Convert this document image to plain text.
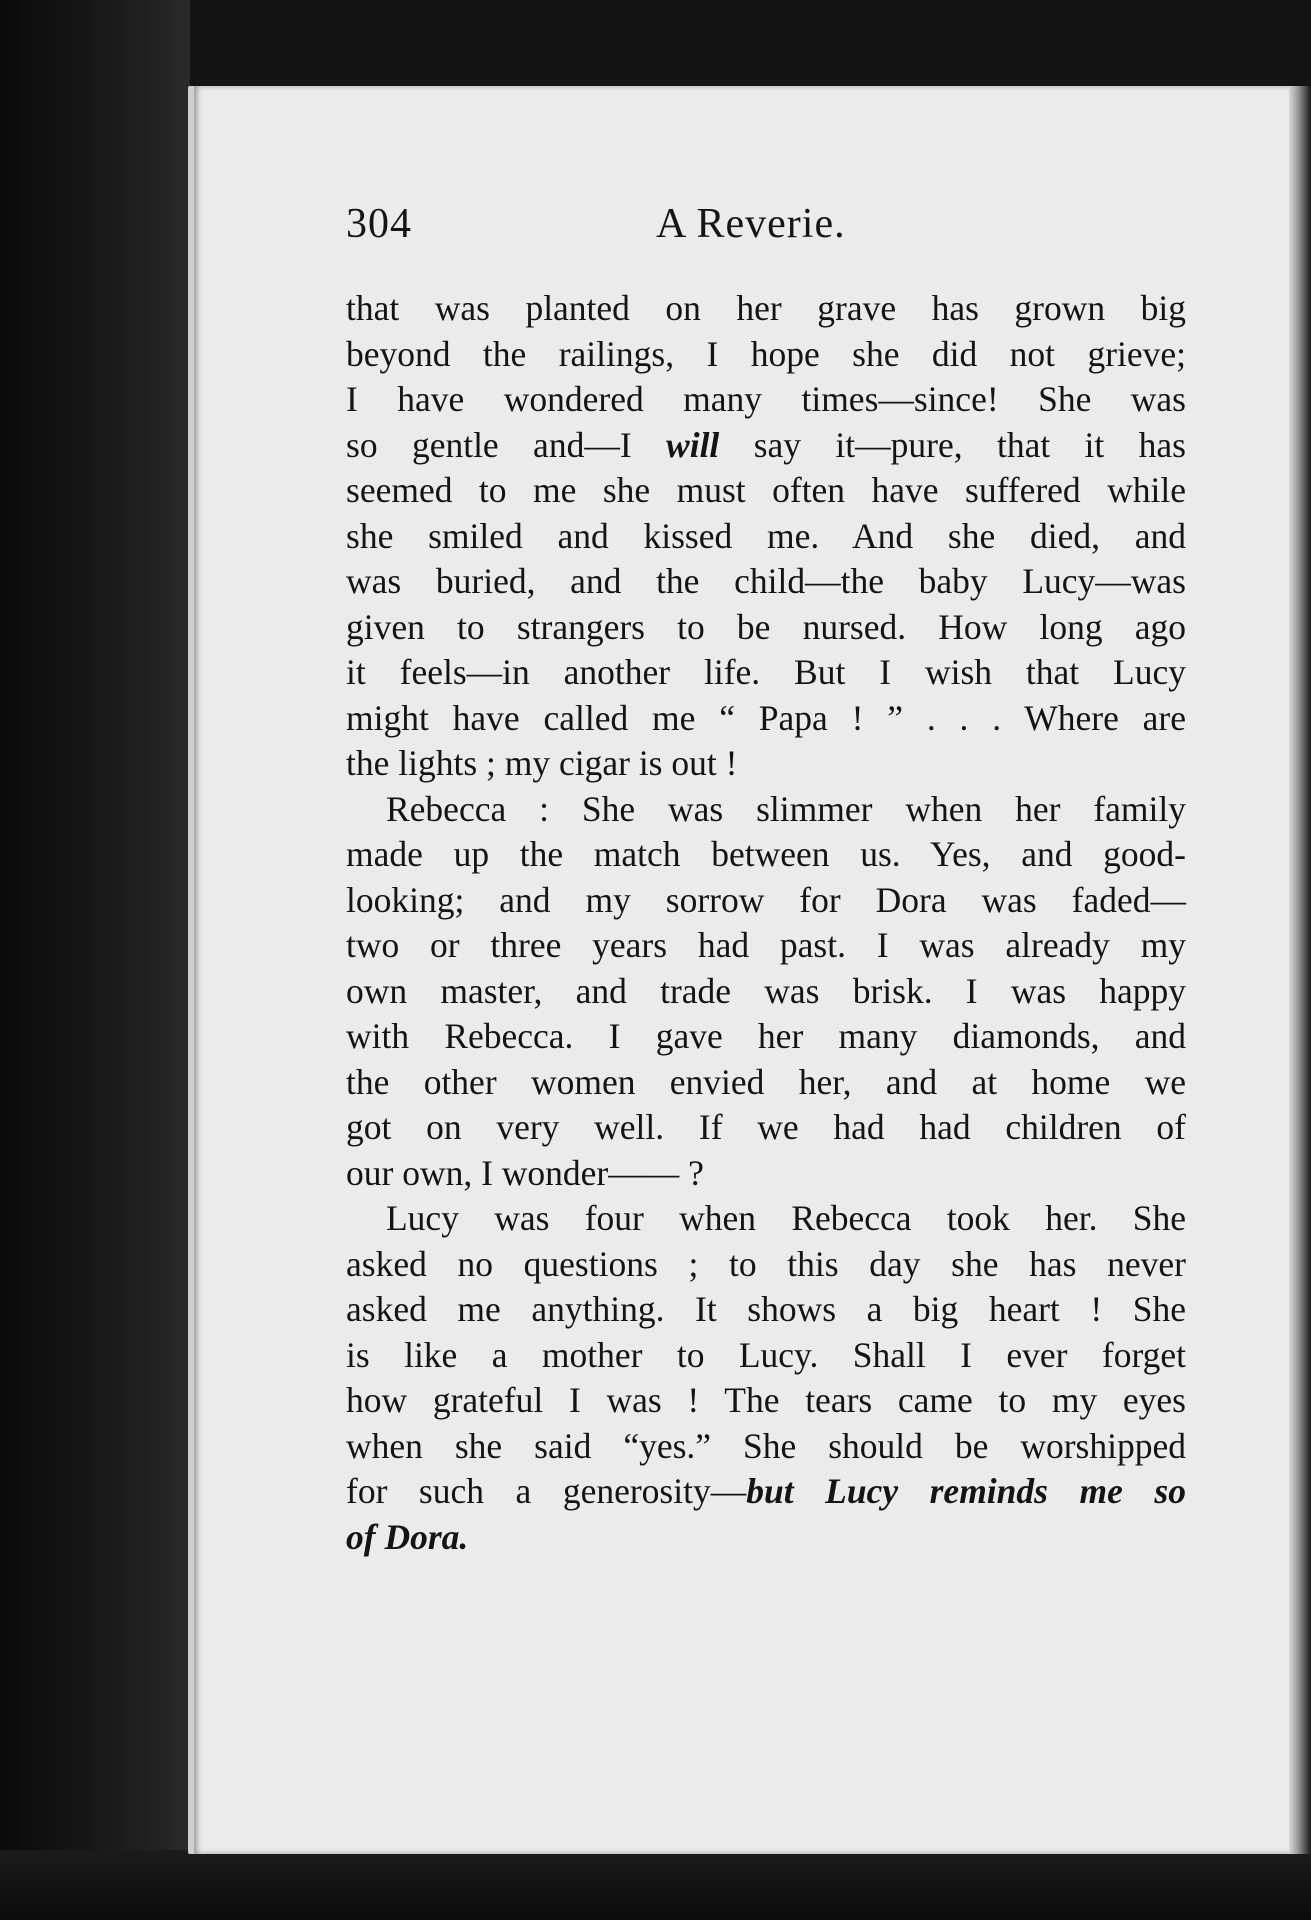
304	A Reverie.
that was planted on her grave has grown big
beyond the railings, I hope she did not grieve;
I have wondered many times—since! She was
so gentle and—I will say it—pure, that it has
seemed to me she must often have suffered while
she smiled and kissed me. And she died, and
was buried, and the child—the baby Lucy—was
given to strangers to be nursed. How long ago
it feels—in another life. But I wish that Lucy
might have called me “ Papa ! ” . . . Where are
the lights ; my cigar is out !
Rebecca : She was slimmer when her family
made up the match between us. Yes, and good-
looking; and my sorrow for Dora was faded—
two or three years had past. I was already my
own master, and trade was brisk. I was happy
with Rebecca. I gave her many diamonds, and
the other women envied her, and at home we
got on very well. If we had had children of
our own, I wonder—— ?
Lucy was four when Rebecca took her. She
asked no questions ; to this day she has never
asked me anything. It shows a big heart ! She
is like a mother to Lucy. Shall I ever forget
how grateful I was ! The tears came to my eyes
when she said “yes.” She should be worshipped
for such a generosity—but Lucy reminds me so
of Dora.
